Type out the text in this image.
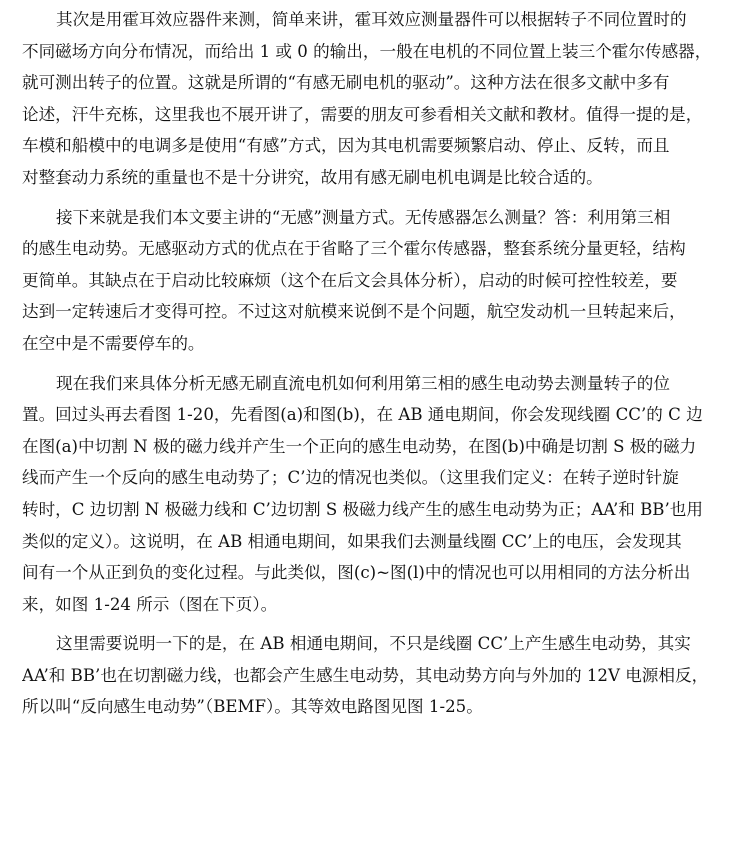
其次是用霍耳效应器件来测，简单来讲，霍耳效应测量器件可以根据转子不同位置时的
不同磁场方向分布情况，而给出 1 或 0 的输出，一般在电机的不同位置上装三个霍尔传感器，
就可测出转子的位置。这就是所谓的“有感无刷电机的驱动”。这种方法在很多文献中多有
论述，汗牛充栋，这里我也不展开讲了，需要的朋友可参看相关文献和教材。值得一提的是，
车模和船模中的电调多是使用“有感”方式，因为其电机需要频繁启动、停止、反转，而且
对整套动力系统的重量也不是十分讲究，故用有感无刷电机电调是比较合适的。
接下来就是我们本文要主讲的“无感”测量方式。无传感器怎么测量？答：利用第三相
的感生电动势。无感驱动方式的优点在于省略了三个霍尔传感器，整套系统分量更轻，结构
更简单。其缺点在于启动比较麻烦（这个在后文会具体分析），启动的时候可控性较差，要
达到一定转速后才变得可控。不过这对航模来说倒不是个问题，航空发动机一旦转起来后，
在空中是不需要停车的。
现在我们来具体分析无感无刷直流电机如何利用第三相的感生电动势去测量转子的位
置。回过头再去看图 1-20，先看图(a)和图(b)，在 AB 通电期间，你会发现线圈 CC’的 C 边
在图(a)中切割 N 极的磁力线并产生一个正向的感生电动势，在图(b)中确是切割 S 极的磁力
线而产生一个反向的感生电动势了；C’边的情况也类似。（这里我们定义：在转子逆时针旋
转时，C 边切割 N 极磁力线和 C’边切割 S 极磁力线产生的感生电动势为正；AA’和 BB’也用
类似的定义）。这说明，在 AB 相通电期间，如果我们去测量线圈 CC’上的电压，会发现其
间有一个从正到负的变化过程。与此类似，图(c)~图(l)中的情况也可以用相同的方法分析出
来，如图 1-24 所示（图在下页）。
这里需要说明一下的是，在 AB 相通电期间，不只是线圈 CC’上产生感生电动势，其实
AA’和 BB’也在切割磁力线，也都会产生感生电动势，其电动势方向与外加的 12V 电源相反，
所以叫“反向感生电动势”（BEMF）。其等效电路图见图 1-25。
